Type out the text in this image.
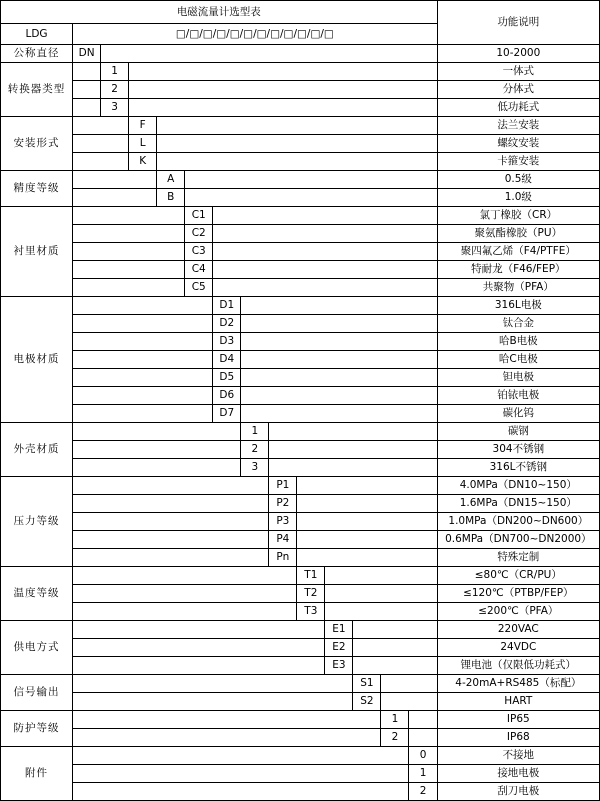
电磁流量计选型表														功能说明
LDG	□/□/□/□/□/□/□/□/□/□/□/□													
公称直径	DN													10-2000
转换器类型		1												一体式
		2												分体式
		3												低功耗式
安装形式			F											法兰安装
			L											螺纹安装
			K											卡箍安装
精度等级				A										0.5级
				B										1.0级
衬里材质					C1									氯丁橡胶（CR）
					C2									聚氨酯橡胶（PU）
					C3									聚四氟乙烯（F4/PTFE）
					C4									特耐龙（F46/FEP）
					C5									共聚物（PFA）
电极材质						D1								316L电极
						D2								钛合金
						D3								哈B电极
						D4								哈C电极
						D5								钽电极
						D6								铂铱电极
						D7								碳化钨
外壳材质							1							碳钢
							2							304不锈钢
							3							316L不锈钢
压力等级								P1						4.0MPa（DN10~150）
								P2						1.6MPa（DN15~150）
								P3						1.0MPa（DN200~DN600）
								P4						0.6MPa（DN700~DN2000）
								Pn						特殊定制
温度等级									T1					≤80℃（CR/PU）
									T2					≤120℃（PTBP/FEP）
									T3					≤200℃（PFA）
供电方式										E1				220VAC
										E2				24VDC
										E3				锂电池（仅限低功耗式）
信号输出											S1			4-20mA+RS485（标配）
											S2			HART
防护等级												1		IP65
												2		IP68
附件													0	不接地
													1	接地电极
													2	刮刀电极
